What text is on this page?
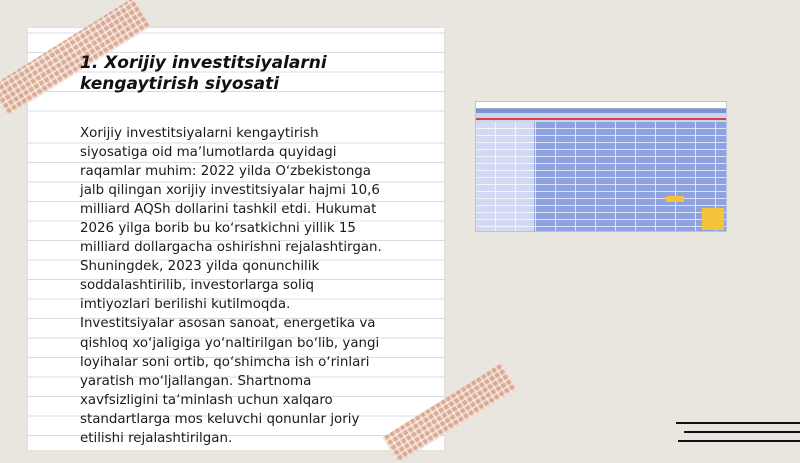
1. Xorijiy investitsiyalarni
kengaytirish siyosati
Xorijiy investitsiyalarni kengaytirish
siyosatiga oid maʼlumotlarda quyidagi
raqamlar muhim: 2022 yilda Oʻzbekistonga
jalb qilingan xorijiy investitsiyalar hajmi 10,6
milliard AQSh dollarini tashkil etdi. Hukumat
2026 yilga borib bu koʻrsatkichni yillik 15
milliard dollargacha oshirishni rejalashtirgan.
Shuningdek, 2023 yilda qonunchilik
soddalashtirilib, investorlarga soliq
imtiyozlari berilishi kutilmoqda.
Investitsiyalar asosan sanoat, energetika va
qishloq xoʻjaligiga yoʻnaltirilgan boʻlib, yangi
loyihalar soni ortib, qoʻshimcha ish oʻrinlari
yaratish moʻljallangan. Shartnoma
xavfsizligini taʼminlash uchun xalqaro
standartlarga mos keluvchi qonunlar joriy
etilishi rejalashtirilgan.
